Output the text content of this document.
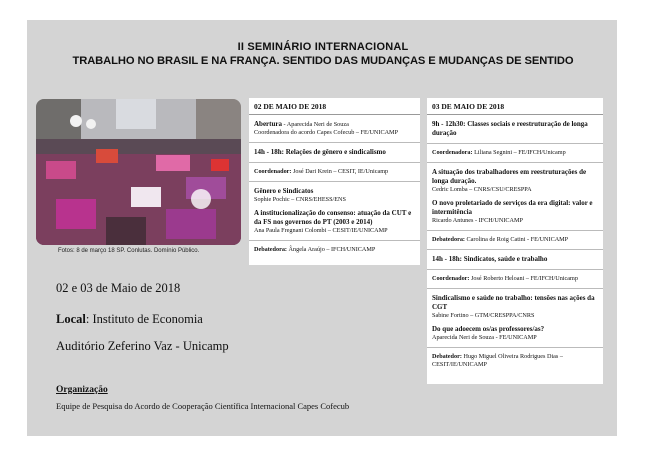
II SEMINÁRIO INTERNACIONAL
TRABALHO NO BRASIL E NA FRANÇA. SENTIDO DAS MUDANÇAS E MUDANÇAS DE SENTIDO
Fotos: 8 de março 18 SP. Conlutas. Domínio Público.
02 e 03 de Maio de 2018
Local: Instituto de Economia
Auditório Zeferino Vaz - Unicamp
Organização
Equipe de Pesquisa do Acordo de Cooperação Científica Internacional Capes Cofecub
02 DE MAIO DE 2018
Abertura - Aparecida Neri de Souza
Coordenadora do acordo Capes Cofecub – FE/UNICAMP
14h - 18h: Relações de gênero e sindicalismo
Coordenador: José Dari Krein – CESIT, IE/Unicamp
Gênero e Sindicatos
Sophie Pochic – CNRS/EHESS/ENS
A institucionalização do consenso: atuação da CUT e da FS nos governos do PT (2003 e 2014)
Ana Paula Fregnani Colombi – CESIT/IE/UNICAMP
Debatedora: Ângela Araújo – IFCH/UNICAMP
03 DE MAIO DE 2018
9h - 12h30: Classes sociais e reestruturação de longa duração
Coordenadora: Liliana Segnini – FE/IFCH/Unicamp
A situação dos trabalhadores em reestruturações de longa duração.
Cedric Lomba – CNRS/CSU/CRESPPA
O novo proletariado de serviços da era digital: valor e intermitência
Ricardo Antunes - IFCH/UNICAMP
Debatedora: Carolina de Roig Catini - FE/UNICAMP
14h - 18h: Sindicatos, saúde e trabalho
Coordenador: José Roberto Heloani – FE/IFCH/Unicamp
Sindicalismo e saúde no trabalho: tensões nas ações da CGT
Sabine Fortino – GTM/CRESPPA/CNRS
Do que adoecem os/as professores/as?
Aparecida Neri de Souza - FE/UNICAMP
Debatedor: Hugo Miguel Oliveira Rodrigues Dias – CESIT/IE/UNICAMP
